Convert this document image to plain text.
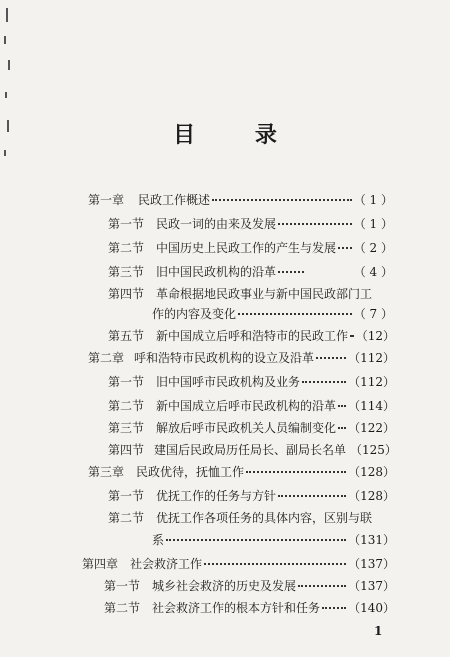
目 录
第一章 民政工作概述	（ 1 ）
第一节 民政一词的由来及发展	（ 1 ）
第二节 中国历史上民政工作的产生与发展 （ 2 ）
第三节 旧中国民政机构的沿革	（ 4 ）
第四节 革命根据地民政事业与新中国民政部门工
作的内容及变化	（ 7 ）
第五节 新中国成立后呼和浩特市的民政工作 （12）
第二章 呼和浩特市民政机构的设立及沿革	（112）
第一节 旧中国呼市民政机构及业务	（112）
第二节 新中国成立后呼市民政机构的沿革 （114）
第三节 解放后呼市民政机关人员编制变化 （122）
第四节 建国后民政局历任局长、副局长名单 （125）
第三章 民政优待，抚恤工作	（128）
第一节 优抚工作的任务与方针	（128）
第二节 优抚工作各项任务的具体内容，区别与联
系	（131）
第四章 社会救济工作	（137）
第一节 城乡社会救济的历史及发展	（137）
第二节 社会救济工作的根本方针和任务 （140）
1
